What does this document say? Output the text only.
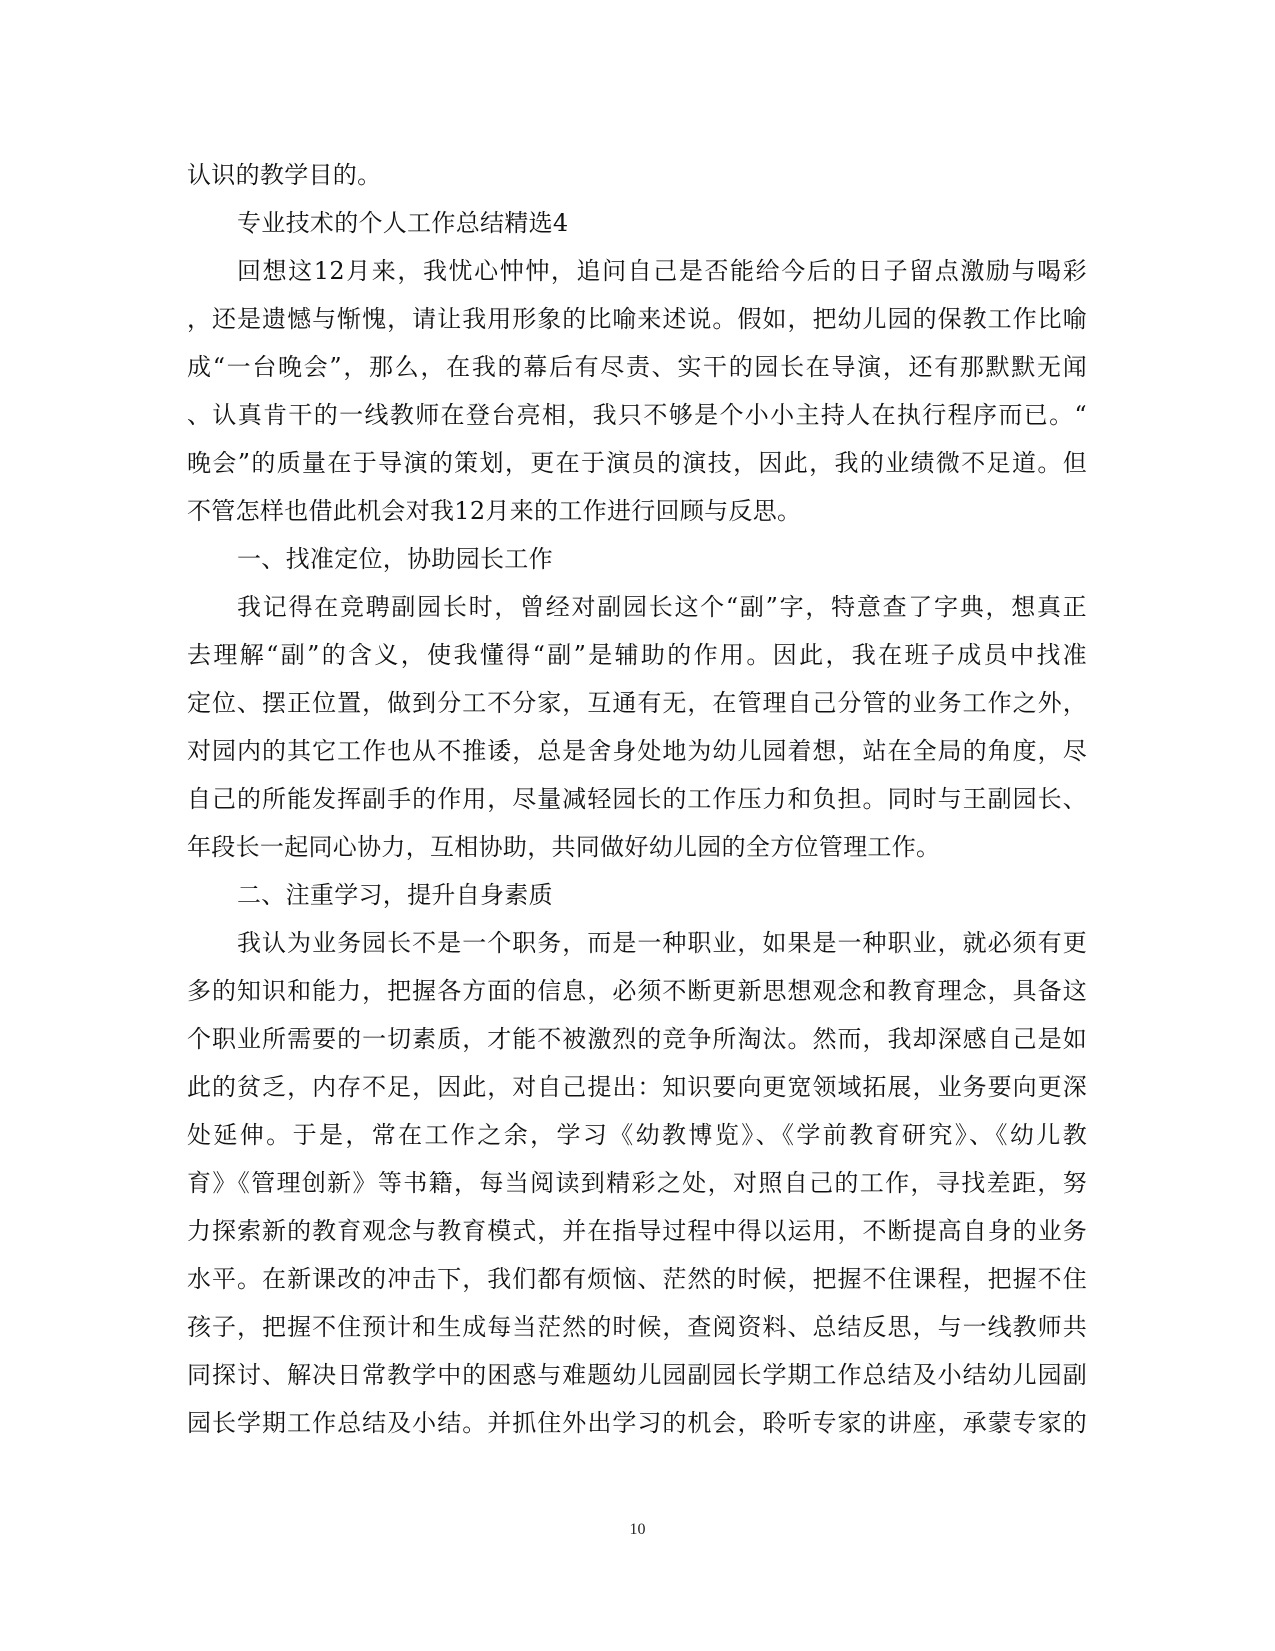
认识的教学目的。
专业技术的个人工作总结精选4
回想这12月来，我忧心忡忡，追问自己是否能给今后的日子留点激励与喝彩
，还是遗憾与惭愧，请让我用形象的比喻来述说。假如，把幼儿园的保教工作比喻
成“一台晚会”，那么，在我的幕后有尽责、实干的园长在导演，还有那默默无闻
、认真肯干的一线教师在登台亮相，我只不够是个小小主持人在执行程序而已。“
晚会”的质量在于导演的策划，更在于演员的演技，因此，我的业绩微不足道。但
不管怎样也借此机会对我12月来的工作进行回顾与反思。
一、找准定位，协助园长工作
我记得在竞聘副园长时，曾经对副园长这个“副”字，特意查了字典，想真正
去理解“副”的含义，使我懂得“副”是辅助的作用。因此，我在班子成员中找准
定位、摆正位置，做到分工不分家，互通有无，在管理自己分管的业务工作之外，
对园内的其它工作也从不推诿，总是舍身处地为幼儿园着想，站在全局的角度，尽
自己的所能发挥副手的作用，尽量减轻园长的工作压力和负担。同时与王副园长、
年段长一起同心协力，互相协助，共同做好幼儿园的全方位管理工作。
二、注重学习，提升自身素质
我认为业务园长不是一个职务，而是一种职业，如果是一种职业，就必须有更
多的知识和能力，把握各方面的信息，必须不断更新思想观念和教育理念，具备这
个职业所需要的一切素质，才能不被激烈的竞争所淘汰。然而，我却深感自己是如
此的贫乏，内存不足，因此，对自己提出：知识要向更宽领域拓展，业务要向更深
处延伸。于是，常在工作之余，学习《幼教博览》、《学前教育研究》、《幼儿教
育》《管理创新》等书籍，每当阅读到精彩之处，对照自己的工作，寻找差距，努
力探索新的教育观念与教育模式，并在指导过程中得以运用，不断提高自身的业务
水平。在新课改的冲击下，我们都有烦恼、茫然的时候，把握不住课程，把握不住
孩子，把握不住预计和生成每当茫然的时候，查阅资料、总结反思，与一线教师共
同探讨、解决日常教学中的困惑与难题幼儿园副园长学期工作总结及小结幼儿园副
园长学期工作总结及小结。并抓住外出学习的机会，聆听专家的讲座，承蒙专家的
10
